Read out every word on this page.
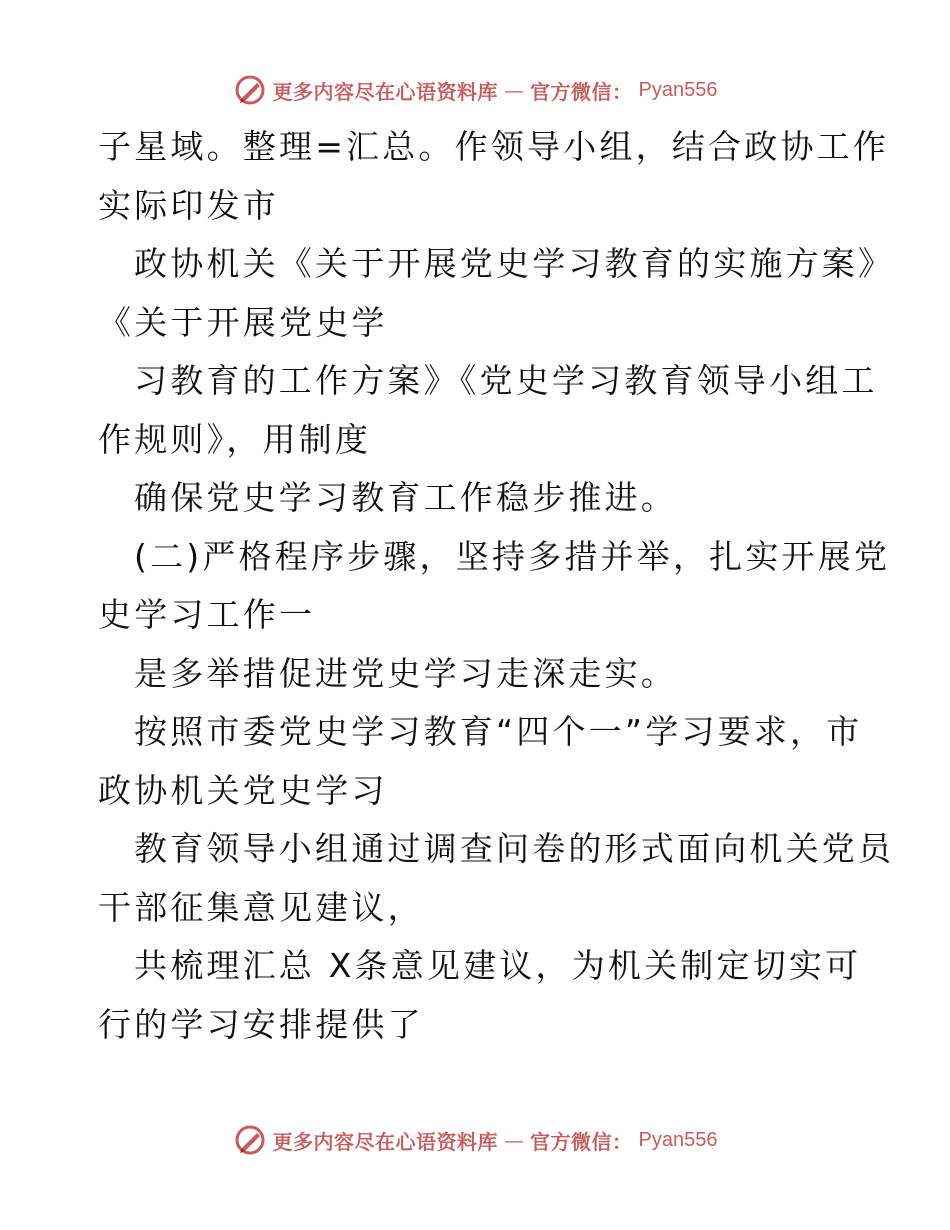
更多内容尽在心语资料库 — 官方微信： Pyan556
子星域。整理=汇总。作领导小组，结合政协工作
实际印发市
政协机关《关于开展党史学习教育的实施方案》
《关于开展党史学
习教育的工作方案》《党史学习教育领导小组工
作规则》，用制度
确保党史学习教育工作稳步推进。
(二)严格程序步骤，坚持多措并举，扎实开展党
史学习工作一
是多举措促进党史学习走深走实。
按照市委党史学习教育“四个一”学习要求，市
政协机关党史学习
教育领导小组通过调查问卷的形式面向机关党员
干部征集意见建议，
共梳理汇总 X条意见建议，为机关制定切实可
行的学习安排提供了
更多内容尽在心语资料库 — 官方微信： Pyan556
